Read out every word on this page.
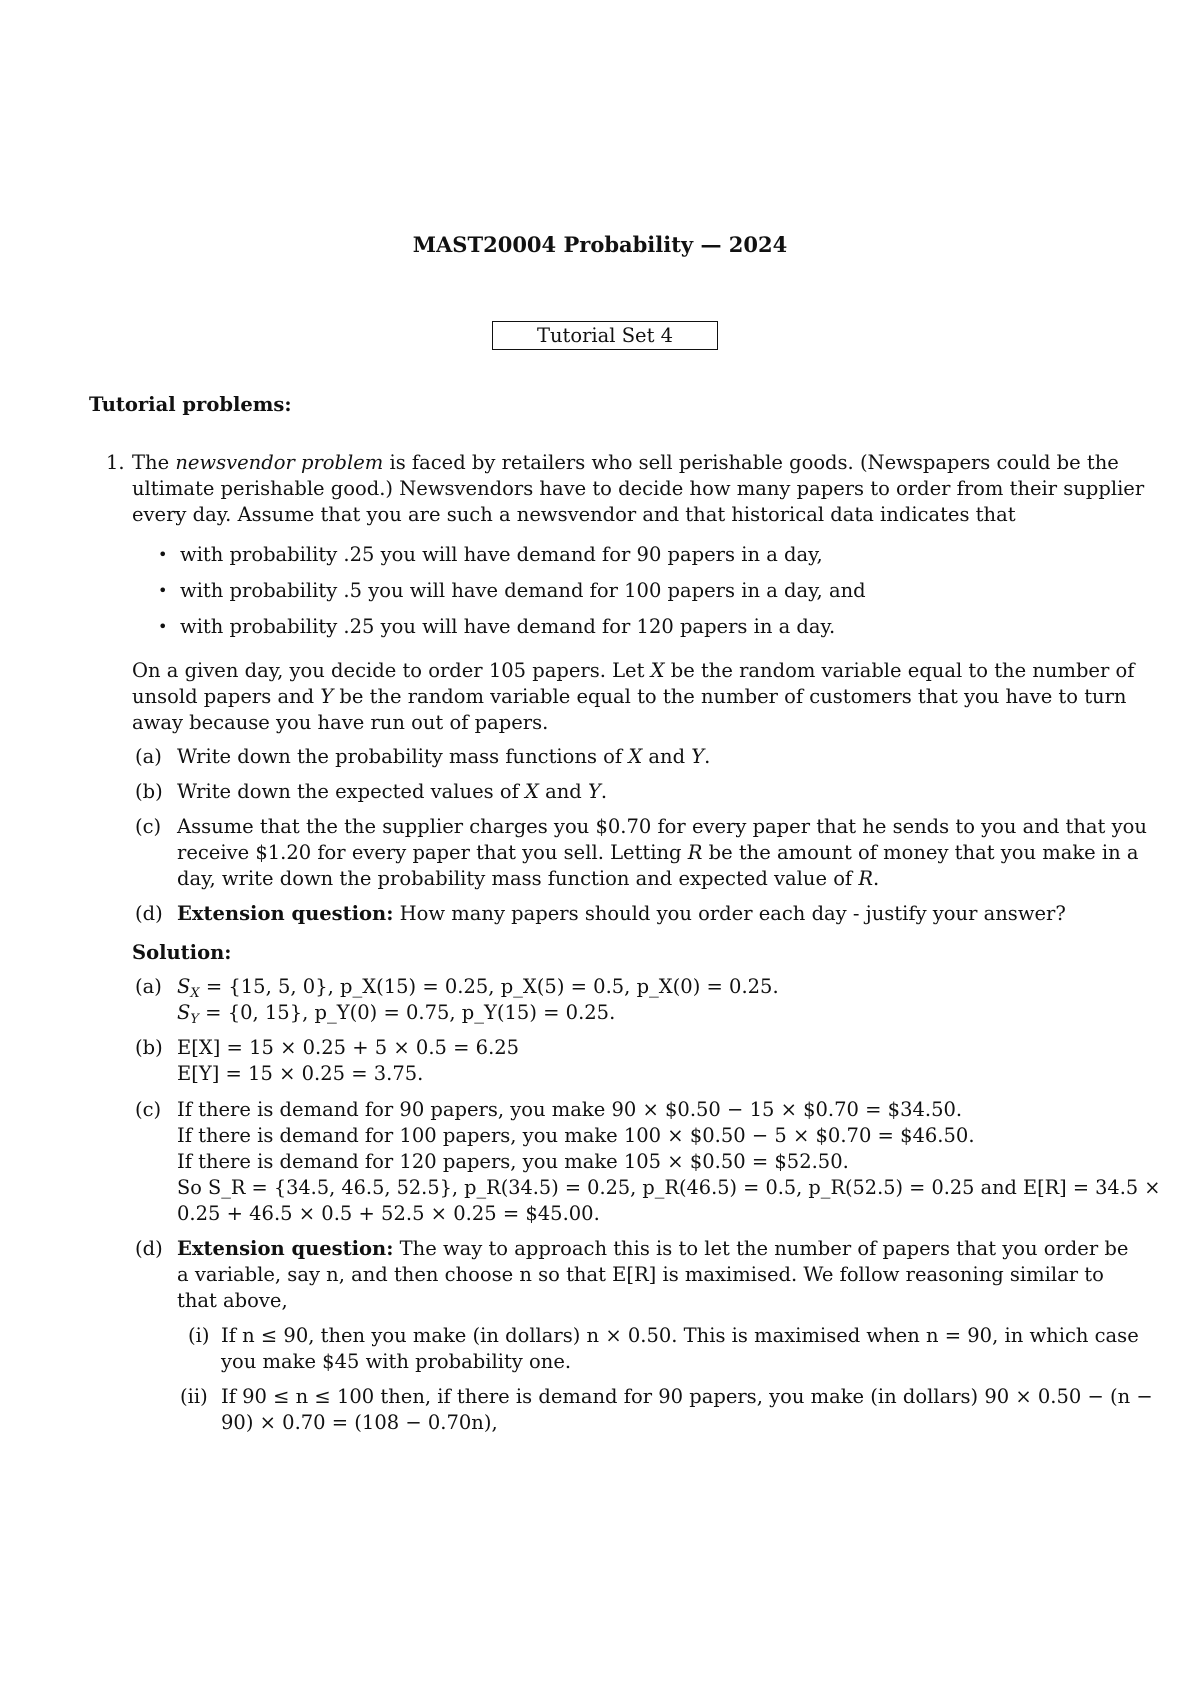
MAST20004 Probability — 2024
Tutorial Set 4
Tutorial problems:
1. The newsvendor problem is faced by retailers who sell perishable goods. (Newspapers could be the
ultimate perishable good.) Newsvendors have to decide how many papers to order from their supplier
every day. Assume that you are such a newsvendor and that historical data indicates that
• with probability .25 you will have demand for 90 papers in a day,
• with probability .5 you will have demand for 100 papers in a day, and
• with probability .25 you will have demand for 120 papers in a day.
On a given day, you decide to order 105 papers. Let X be the random variable equal to the number of
unsold papers and Y be the random variable equal to the number of customers that you have to turn
away because you have run out of papers.
(a) Write down the probability mass functions of X and Y.
(b) Write down the expected values of X and Y.
(c) Assume that the the supplier charges you $0.70 for every paper that he sends to you and that you
receive $1.20 for every paper that you sell. Letting R be the amount of money that you make in a
day, write down the probability mass function and expected value of R.
(d) Extension question: How many papers should you order each day - justify your answer?
Solution:
(a) $S_X = \{15$, 5, 0}, p_X(15) = 0.25, p_X(5) = 0.5, p_X(0) = 0.25.
$S_Y = \{0$, 15}, p_Y(0) = 0.75, p_Y(15) = 0.25.
(b) E[X] = 15 × 0.25 + 5 × 0.5 = 6.25
E[Y] = 15 × 0.25 = 3.75.
(c) If there is demand for 90 papers, you make 90 × $0.50 − 15 × $0.70 = $34.50.
If there is demand for 100 papers, you make 100 × $0.50 − 5 × $0.70 = $46.50.
If there is demand for 120 papers, you make 105 × $0.50 = $52.50.
So S_R = {34.5, 46.5, 52.5}, p_R(34.5) = 0.25, p_R(46.5) = 0.5, p_R(52.5) = 0.25 and E[R] = 34.5 ×
0.25 + 46.5 × 0.5 + 52.5 × 0.25 = $45.00.
(d) Extension question: The way to approach this is to let the number of papers that you order be
a variable, say n, and then choose n so that E[R] is maximised. We follow reasoning similar to
that above,
(i) If n ≤ 90, then you make (in dollars) n × 0.50. This is maximised when n = 90, in which case
you make $45 with probability one.
(ii) If 90 ≤ n ≤ 100 then, if there is demand for 90 papers, you make (in dollars) 90 × 0.50 − (n −
90) × 0.70 = (108 − 0.70n),
